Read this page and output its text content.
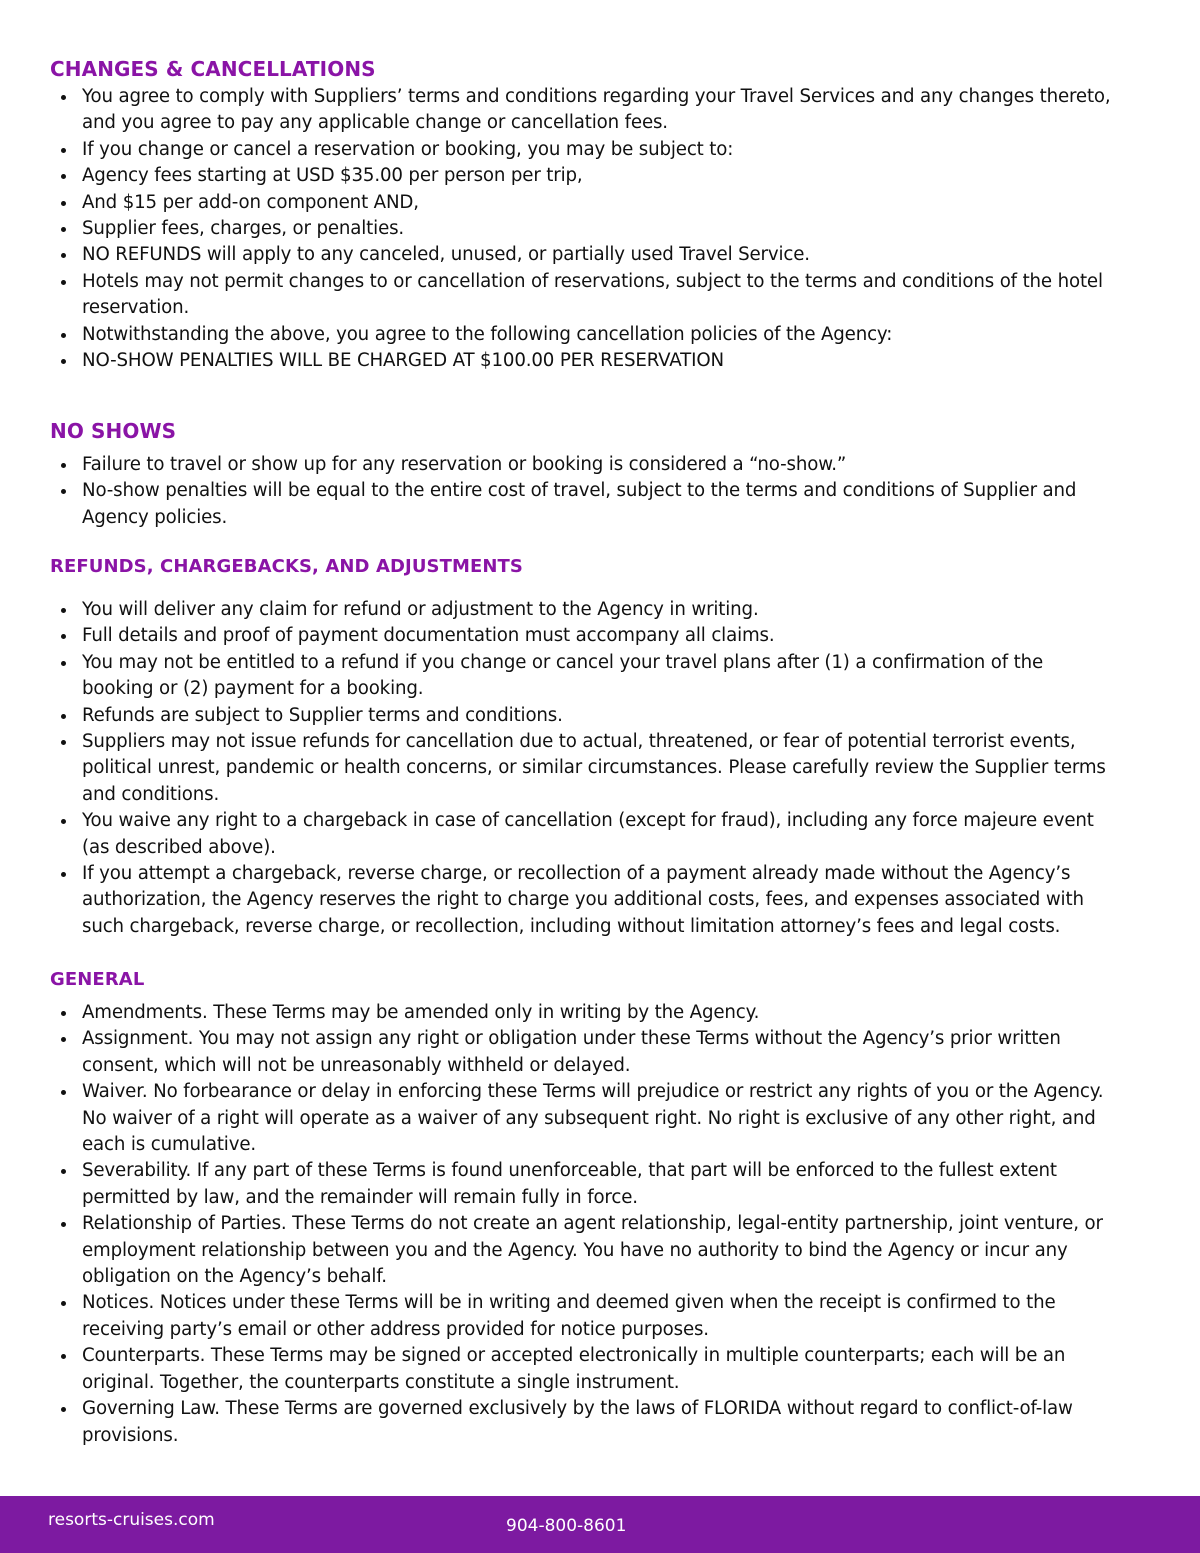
CHANGES & CANCELLATIONS
You agree to comply with Suppliers’ terms and conditions regarding your Travel Services and any changes thereto, and you agree to pay any applicable change or cancellation fees.
If you change or cancel a reservation or booking, you may be subject to:
Agency fees starting at USD $35.00 per person per trip,
And $15 per add-on component AND,
Supplier fees, charges, or penalties.
NO REFUNDS will apply to any canceled, unused, or partially used Travel Service.
Hotels may not permit changes to or cancellation of reservations, subject to the terms and conditions of the hotel reservation.
Notwithstanding the above, you agree to the following cancellation policies of the Agency:
NO-SHOW PENALTIES WILL BE CHARGED AT $100.00 PER RESERVATION
NO SHOWS
Failure to travel or show up for any reservation or booking is considered a “no-show.”
No-show penalties will be equal to the entire cost of travel, subject to the terms and conditions of Supplier and Agency policies.
REFUNDS, CHARGEBACKS, AND ADJUSTMENTS
You will deliver any claim for refund or adjustment to the Agency in writing.
Full details and proof of payment documentation must accompany all claims.
You may not be entitled to a refund if you change or cancel your travel plans after (1) a confirmation of the booking or (2) payment for a booking.
Refunds are subject to Supplier terms and conditions.
Suppliers may not issue refunds for cancellation due to actual, threatened, or fear of potential terrorist events, political unrest, pandemic or health concerns, or similar circumstances. Please carefully review the Supplier terms and conditions.
You waive any right to a chargeback in case of cancellation (except for fraud), including any force majeure event (as described above).
If you attempt a chargeback, reverse charge, or recollection of a payment already made without the Agency’s authorization, the Agency reserves the right to charge you additional costs, fees, and expenses associated with such chargeback, reverse charge, or recollection, including without limitation attorney’s fees and legal costs.
GENERAL
Amendments. These Terms may be amended only in writing by the Agency.
Assignment. You may not assign any right or obligation under these Terms without the Agency’s prior written consent, which will not be unreasonably withheld or delayed.
Waiver. No forbearance or delay in enforcing these Terms will prejudice or restrict any rights of you or the Agency. No waiver of a right will operate as a waiver of any subsequent right. No right is exclusive of any other right, and each is cumulative.
Severability. If any part of these Terms is found unenforceable, that part will be enforced to the fullest extent permitted by law, and the remainder will remain fully in force.
Relationship of Parties. These Terms do not create an agent relationship, legal-entity partnership, joint venture, or employment relationship between you and the Agency. You have no authority to bind the Agency or incur any obligation on the Agency’s behalf.
Notices. Notices under these Terms will be in writing and deemed given when the receipt is confirmed to the receiving party’s email or other address provided for notice purposes.
Counterparts. These Terms may be signed or accepted electronically in multiple counterparts; each will be an original. Together, the counterparts constitute a single instrument.
Governing Law. These Terms are governed exclusively by the laws of FLORIDA without regard to conflict-of-law provisions.
resorts-cruises.com	904-800-8601
